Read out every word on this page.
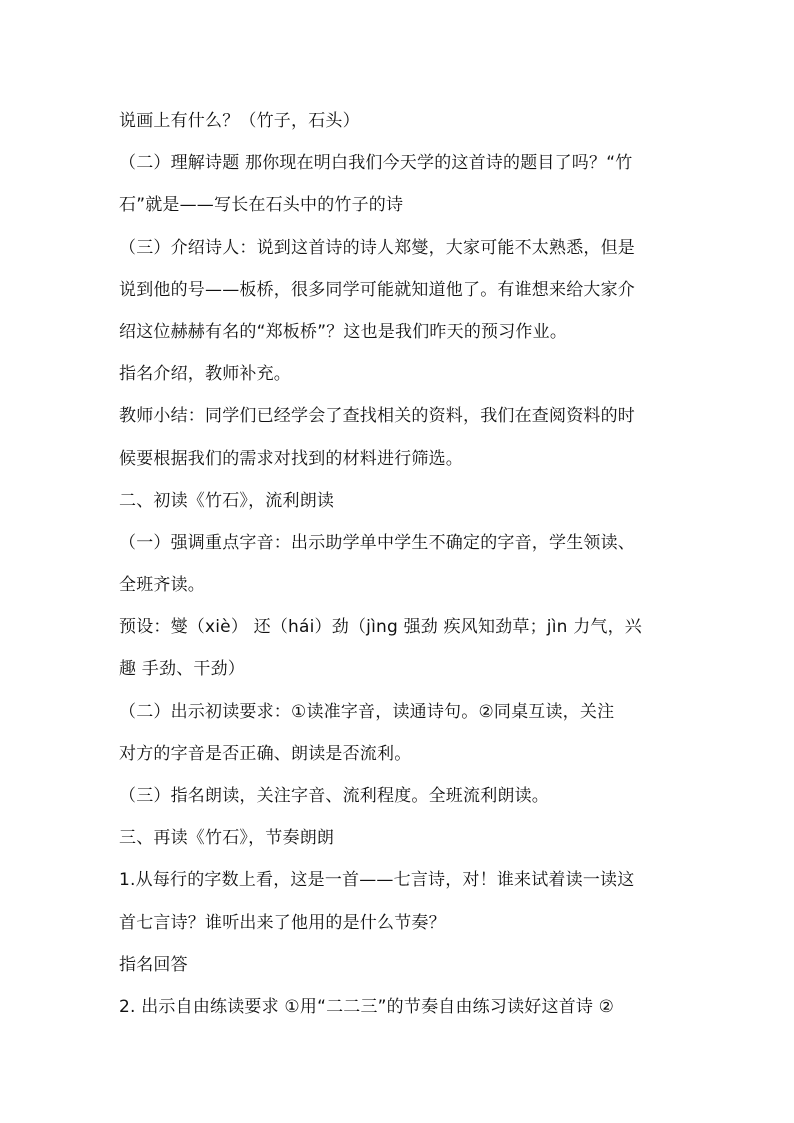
说画上有什么？（竹子，石头）
（二）理解诗题 那你现在明白我们今天学的这首诗的题目了吗？“竹
石”就是——写长在石头中的竹子的诗
（三）介绍诗人：说到这首诗的诗人郑燮，大家可能不太熟悉，但是
说到他的号——板桥，很多同学可能就知道他了。有谁想来给大家介
绍这位赫赫有名的“郑板桥”？这也是我们昨天的预习作业。
指名介绍，教师补充。
教师小结：同学们已经学会了查找相关的资料，我们在查阅资料的时
候要根据我们的需求对找到的材料进行筛选。
二、初读《竹石》，流利朗读
（一）强调重点字音：出示助学单中学生不确定的字音，学生领读、
全班齐读。
预设：燮（xiè） 还（hái）劲（jìng 强劲 疾风知劲草；jìn 力气，兴
趣 手劲、干劲）
（二）出示初读要求：①读准字音，读通诗句。②同桌互读，关注
对方的字音是否正确、朗读是否流利。
（三）指名朗读，关注字音、流利程度。全班流利朗读。
三、再读《竹石》，节奏朗朗
1.从每行的字数上看，这是一首——七言诗，对！谁来试着读一读这
首七言诗？谁听出来了他用的是什么节奏？
指名回答
2. 出示自由练读要求 ①用“二二三”的节奏自由练习读好这首诗 ②
